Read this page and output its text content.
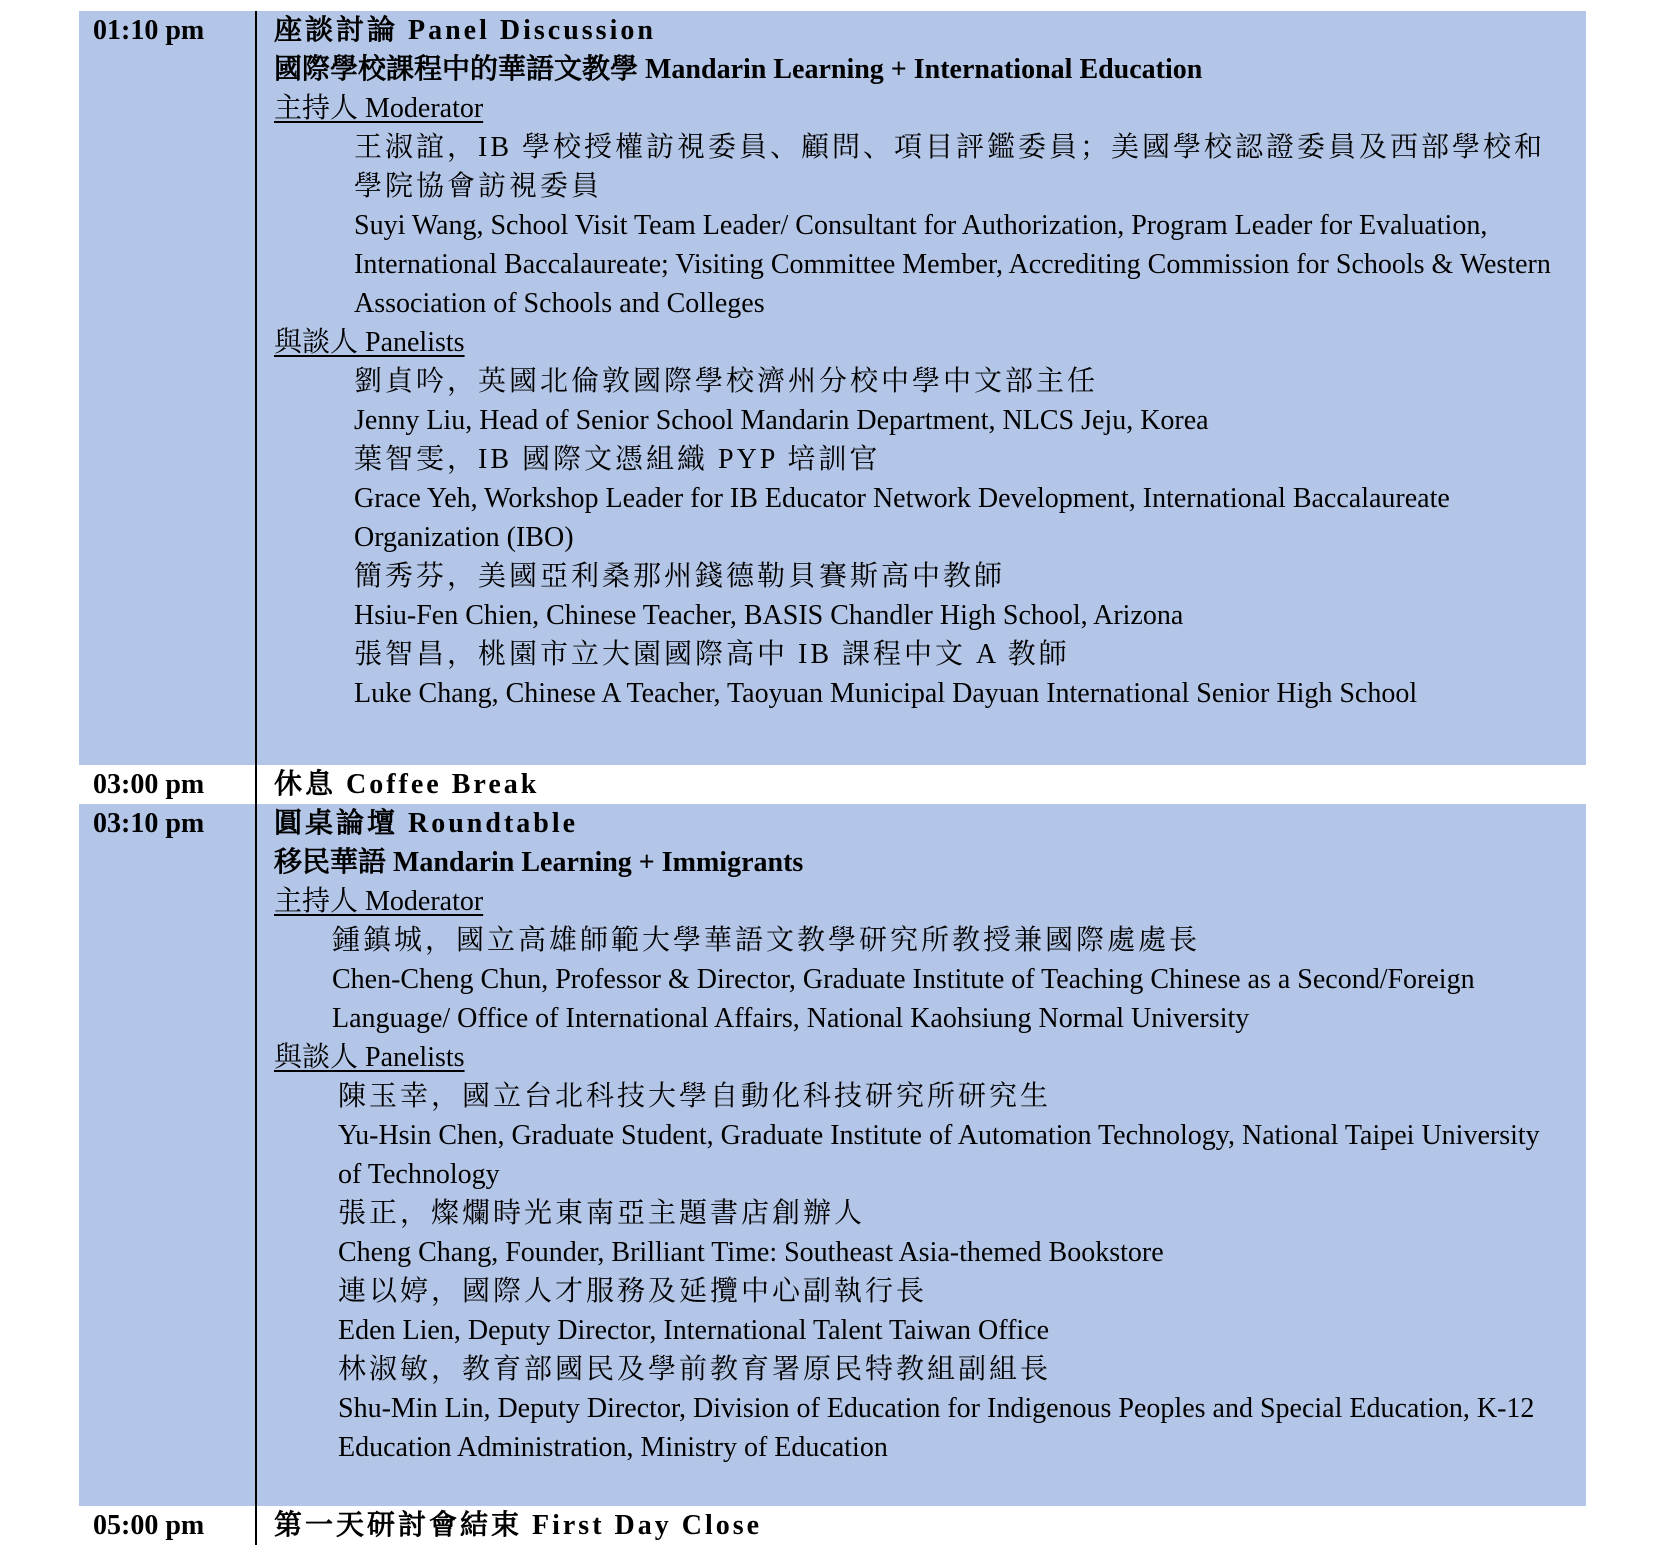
01:10 pm 座談討論 Panel Discussion
國際學校課程中的華語文教學 Mandarin Learning + International Education
主持人 Moderator
王淑誼，IB 學校授權訪視委員、顧問、項目評鑑委員；美國學校認證委員及西部學校和學院協會訪視委員
Suyi Wang, School Visit Team Leader/ Consultant for Authorization, Program Leader for Evaluation, International Baccalaureate; Visiting Committee Member, Accrediting Commission for Schools & Western Association of Schools and Colleges
與談人 Panelists
劉貞吟，英國北倫敦國際學校濟州分校中學中文部主任
Jenny Liu, Head of Senior School Mandarin Department, NLCS Jeju, Korea
葉智雯，IB 國際文憑組織 PYP 培訓官
Grace Yeh, Workshop Leader for IB Educator Network Development, International Baccalaureate Organization (IBO)
簡秀芬，美國亞利桑那州錢德勒貝賽斯高中教師
Hsiu-Fen Chien, Chinese Teacher, BASIS Chandler High School, Arizona
張智昌，桃園市立大園國際高中 IB 課程中文 A 教師
Luke Chang, Chinese A Teacher, Taoyuan Municipal Dayuan International Senior High School
03:00 pm 休息 Coffee Break
03:10 pm 圓桌論壇 Roundtable
移民華語 Mandarin Learning + Immigrants
主持人 Moderator
鍾鎮城，國立高雄師範大學華語文教學研究所教授兼國際處處長
Chen-Cheng Chun, Professor & Director, Graduate Institute of Teaching Chinese as a Second/Foreign Language/ Office of International Affairs, National Kaohsiung Normal University
與談人 Panelists
陳玉幸，國立台北科技大學自動化科技研究所研究生
Yu-Hsin Chen, Graduate Student, Graduate Institute of Automation Technology, National Taipei University of Technology
張正，燦爛時光東南亞主題書店創辦人
Cheng Chang, Founder, Brilliant Time: Southeast Asia-themed Bookstore
連以婷，國際人才服務及延攬中心副執行長
Eden Lien, Deputy Director, International Talent Taiwan Office
林淑敏，教育部國民及學前教育署原民特教組副組長
Shu-Min Lin, Deputy Director, Division of Education for Indigenous Peoples and Special Education, K-12 Education Administration, Ministry of Education
05:00 pm 第一天研討會結束 First Day Close
